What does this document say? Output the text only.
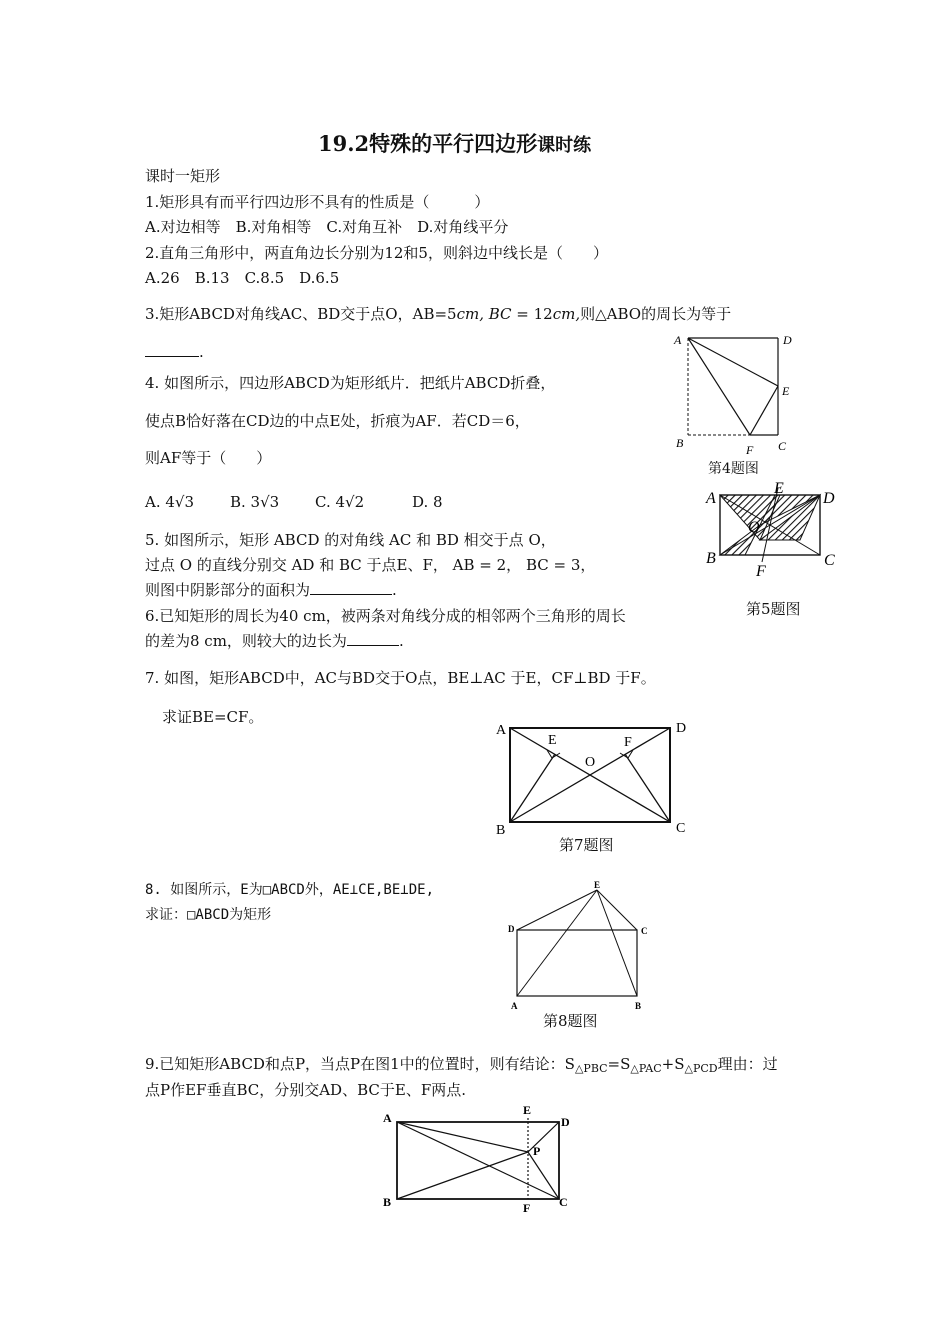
19.2特殊的平行四边形课时练
课时一矩形
1.矩形具有而平行四边形不具有的性质是（　　　）
A.对边相等　B.对角相等　C.对角互补　D.对角线平分
2.直角三角形中，两直角边长分别为12和5，则斜边中线长是（　　）
A.26　B.13　C.8.5　D.6.5
3.矩形ABCD对角线AC、BD交于点O，AB=5cm, BC = 12cm,则△ABO的周长为等于
.
4. 如图所示，四边形ABCD为矩形纸片．把纸片ABCD折叠，
使点B恰好落在CD边的中点E处，折痕为AF．若CD＝6，
则AF等于（　　）
A. 4√3 B. 3√3 C. 4√2	D. 8
A	D
E
B	F C
第4题图
5. 如图所示，矩形 ABCD 的对角线 AC 和 BD 相交于点 O，
过点 O 的直线分别交 AD 和 BC 于点E、F， AB = 2， BC = 3，
则图中阴影部分的面积为	.
A
E
D
O
B	C
F
第5题图
6.已知矩形的周长为40 cm，被两条对角线分成的相邻两个三角形的周长
的差为8 cm，则较大的边长为	.
7. 如图，矩形ABCD中，AC与BD交于O点，BE⊥AC 于E，CF⊥BD 于F。
求证BE=CF。
A	D
E	F
O
B	C
第7题图
8. 如图所示，E为□ABCD外，AE⊥CE,BE⊥DE,
求证：□ABCD为矩形
E
D	C
A	B
第8题图
9.已知矩形ABCD和点P，当点P在图1中的位置时，则有结论：$S_{\triangle PBC}=S_{\triangle PAC}+S_{\triangle PCD}$理由：过
点P作EF垂直BC，分别交AD、BC于E、F两点.
A
E
D
P
B	F C
